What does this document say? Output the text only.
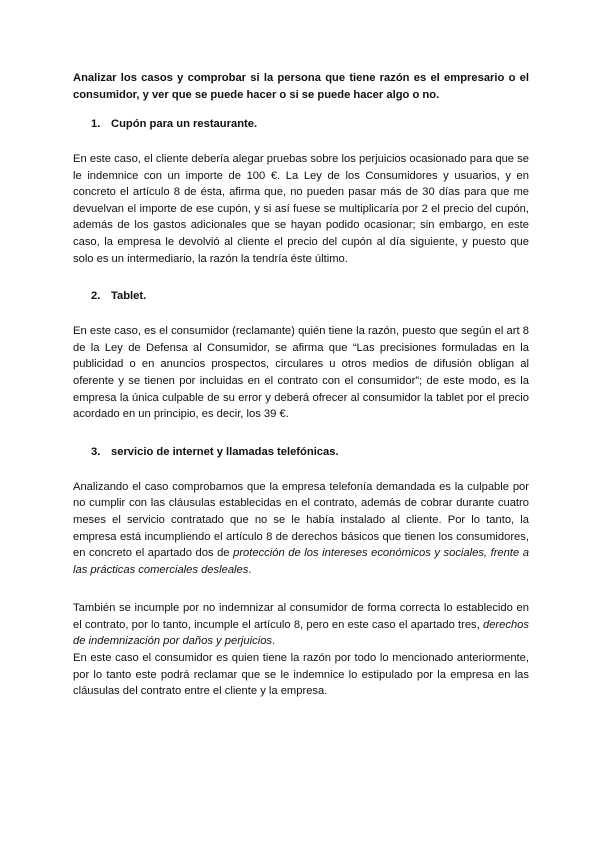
Analizar los casos y comprobar si la persona que tiene razón es el empresario o el consumidor, y ver que se puede hacer o si se puede hacer algo o no.

1. Cupón para un restaurante.

En este caso, el cliente debería alegar pruebas sobre los perjuicios ocasionado para que se le indemnice con un importe de 100 €. La Ley de los Consumidores y usuarios, y en concreto el artículo 8 de ésta, afirma que, no pueden pasar más de 30 días para que me devuelvan el importe de ese cupón, y si así fuese se multiplicaría por 2 el precio del cupón, además de los gastos adicionales que se hayan podido ocasionar; sin embargo, en este caso, la empresa le devolvió al cliente el precio del cupón al día siguiente, y puesto que solo es un intermediario, la razón la tendría éste último.

2. Tablet.

En este caso, es el consumidor (reclamante) quién tiene la razón, puesto que según el art 8 de la Ley de Defensa al Consumidor, se afirma que “Las precisiones formuladas en la publicidad o en anuncios prospectos, circulares u otros medios de difusión obligan al oferente y se tienen por incluidas en el contrato con el consumidor”; de este modo, es la empresa la única culpable de su error y deberá ofrecer al consumidor la tablet por el precio acordado en un principio, es decir, los 39 €.

3. servicio de internet y llamadas telefónicas.

Analizando el caso comprobamos que la empresa telefonía demandada es la culpable por no cumplir con las cláusulas establecidas en el contrato, además de cobrar durante cuatro meses el servicio contratado que no se le había instalado al cliente. Por lo tanto, la empresa está incumpliendo el artículo 8 de derechos básicos que tienen los consumidores, en concreto el apartado dos de protección de los intereses económicos y sociales, frente a las prácticas comerciales desleales.

También se incumple por no indemnizar al consumidor de forma correcta lo establecido en el contrato, por lo tanto, incumple el artículo 8, pero en este caso el apartado tres, derechos de indemnización por daños y perjuicios.

En este caso el consumidor es quien tiene la razón por todo lo mencionado anteriormente, por lo tanto este podrá reclamar que se le indemnice lo estipulado por la empresa en las cláusulas del contrato entre el cliente y la empresa.
